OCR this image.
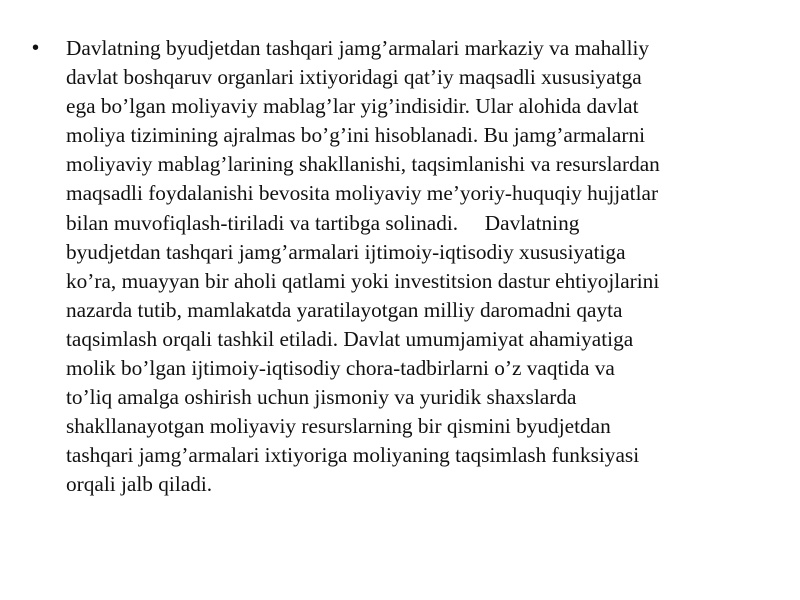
• Davlatning byudjetdan tashqari jamg’armalari markaziy va mahalliy
davlat boshqaruv organlari ixtiyoridagi qat’iy maqsadli xususiyatga
ega bo’lgan moliyaviy mablag’lar yig’indisidir. Ular alohida davlat
moliya tizimining ajralmas bo’g’ini hisoblanadi. Bu jamg’armalarni
moliyaviy mablag’larining shakllanishi, taqsimlanishi va resurslardan
maqsadli foydalanishi bevosita moliyaviy me’yoriy-huquqiy hujjatlar
bilan muvofiqlash-tiriladi va tartibga solinadi.     Davlatning
byudjetdan tashqari jamg’armalari ijtimoiy-iqtisodiy xususiyatiga
ko’ra, muayyan bir aholi qatlami yoki investitsion dastur ehtiyojlarini
nazarda tutib, mamlakatda yaratilayotgan milliy daromadni qayta
taqsimlash orqali tashkil etiladi. Davlat umumjamiyat ahamiyatiga
molik bo’lgan ijtimoiy-iqtisodiy chora-tadbirlarni o’z vaqtida va
to’liq amalga oshirish uchun jismoniy va yuridik shaxslarda
shakllanayotgan moliyaviy resurslarning bir qismini byudjetdan
tashqari jamg’armalari ixtiyoriga moliyaning taqsimlash funksiyasi
orqali jalb qiladi.
